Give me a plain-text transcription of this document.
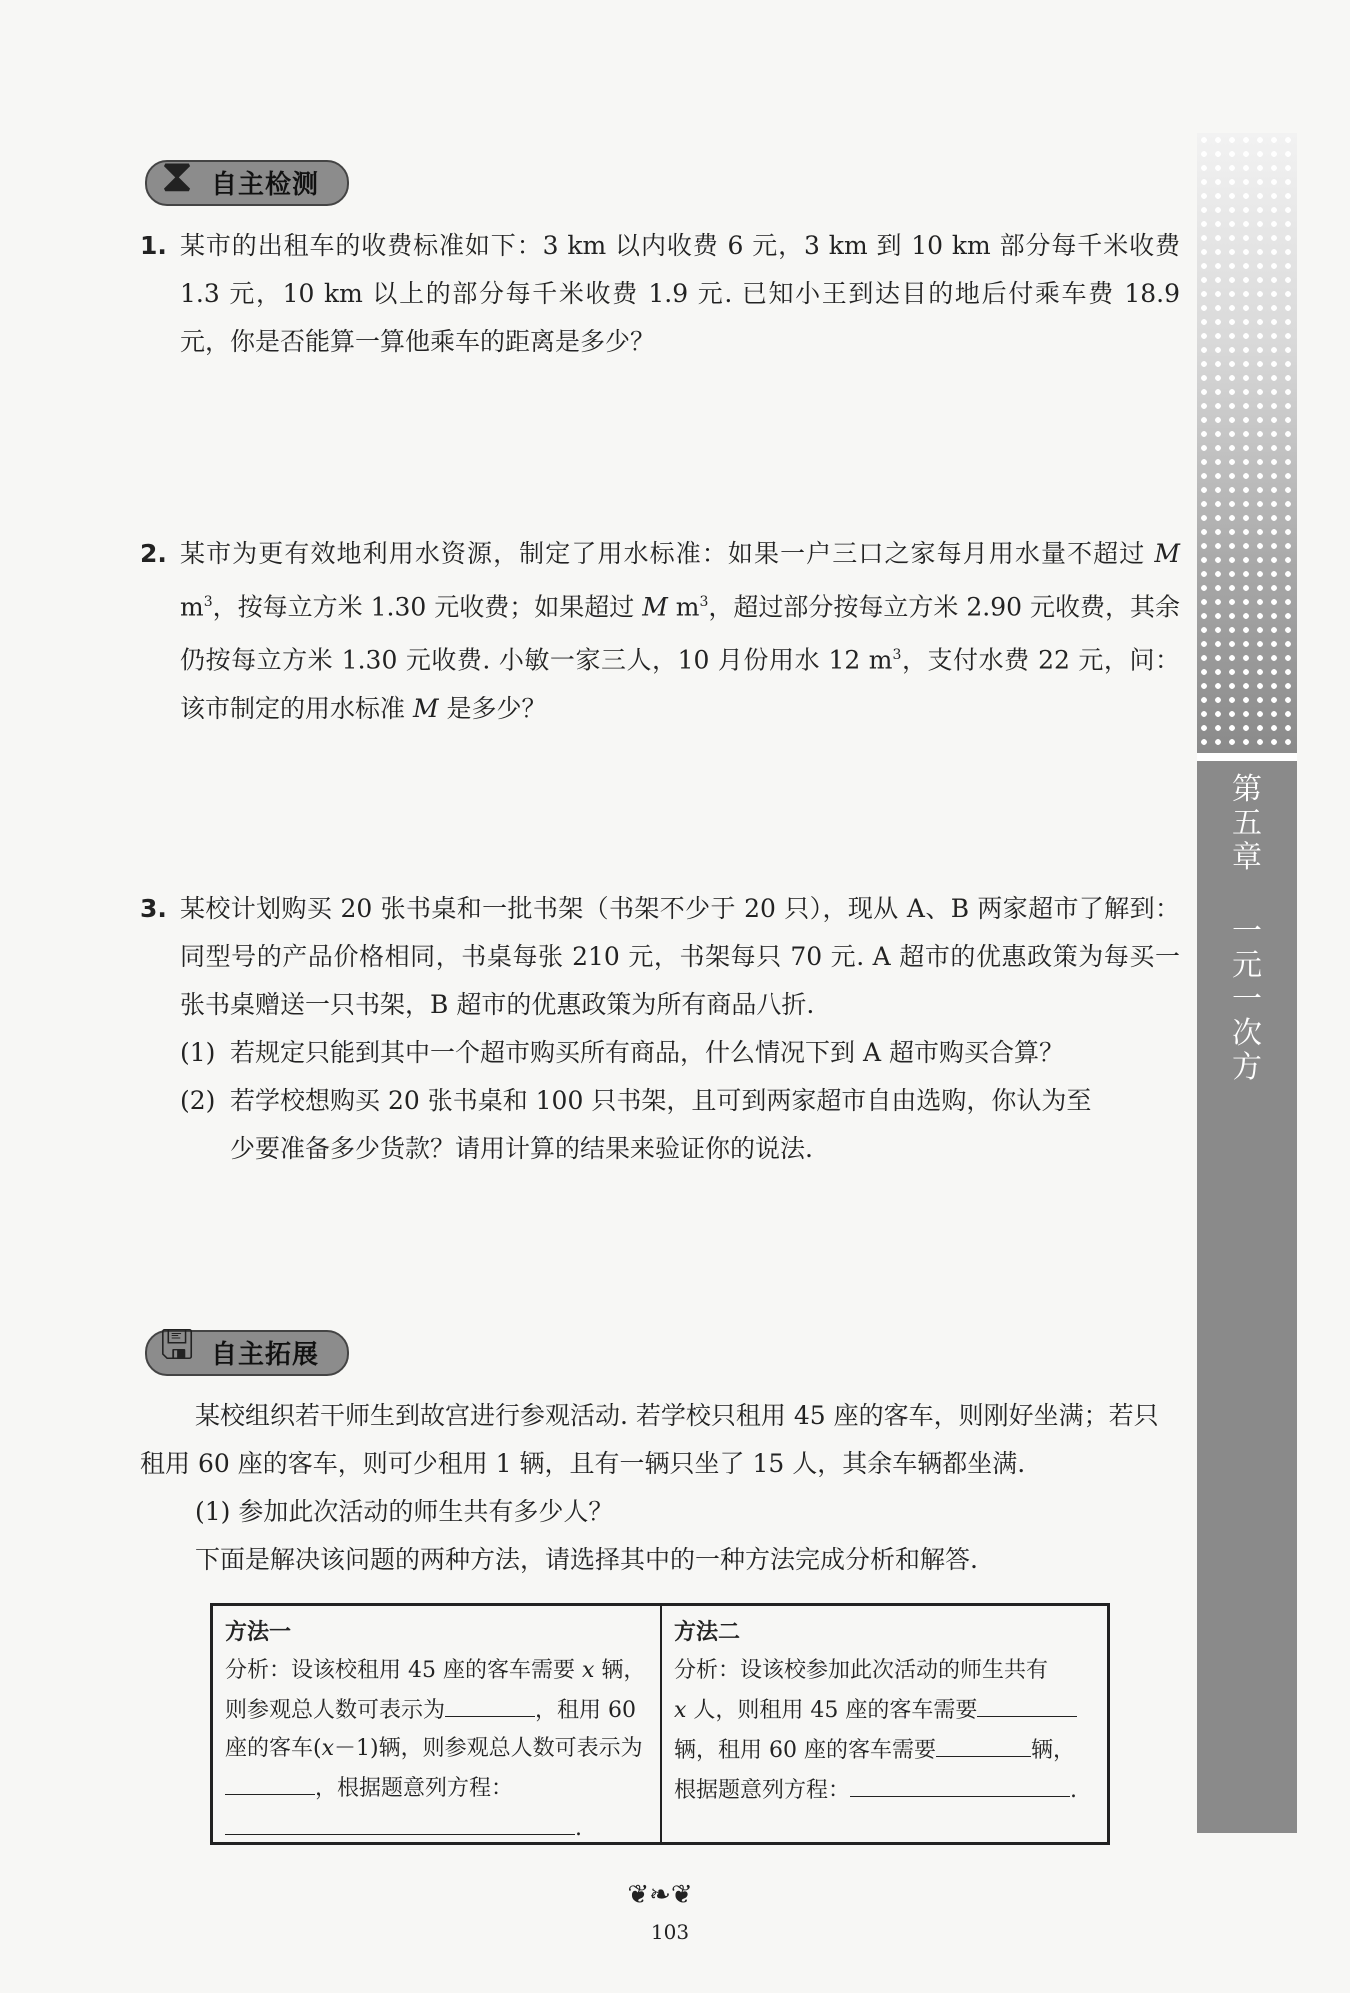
第
五
章
一
元
一
次
方
⧗ 自主检测
1. 某市的出租车的收费标准如下：3 km 以内收费 6 元，3 km 到 10 km 部分每千米收费 1.3 元，10 km 以上的部分每千米收费 1.9 元. 已知小王到达目的地后付乘车费 18.9 元，你是否能算一算他乘车的距离是多少？
2. 某市为更有效地利用水资源，制定了用水标准：如果一户三口之家每月用水量不超过 M $m^3$，按每立方米 1.30 元收费；如果超过 M $m^3$，超过部分按每立方米 2.90 元收费，其余仍按每立方米 1.30 元收费. 小敏一家三人，10 月份用水 12 $m^3$，支付水费 22 元，问：该市制定的用水标准 M 是多少？
3. 某校计划购买 20 张书桌和一批书架（书架不少于 20 只），现从 A、B 两家超市了解到：同型号的产品价格相同，书桌每张 210 元，书架每只 70 元. A 超市的优惠政策为每买一张书桌赠送一只书架，B 超市的优惠政策为所有商品八折.
(1) 若规定只能到其中一个超市购买所有商品，什么情况下到 A 超市购买合算？
(2) 若学校想购买 20 张书桌和 100 只书架，且可到两家超市自由选购，你认为至
少要准备多少货款？请用计算的结果来验证你的说法.
🖫 自主拓展
某校组织若干师生到故宫进行参观活动. 若学校只租用 45 座的客车，则刚好坐满；若只租用 60 座的客车，则可少租用 1 辆，且有一辆只坐了 15 人，其余车辆都坐满.
(1) 参加此次活动的师生共有多少人？
下面是解决该问题的两种方法，请选择其中的一种方法完成分析和解答.
方法一
分析：设该校租用 45 座的客车需要 x 辆，则参观总人数可表示为	，租用 60 座的客车(x－1)辆，则参观总人数可表示为，根据题意列方程：
.
方法二
分析：设该校参加此次活动的师生共有
x 人，则租用 45 座的客车需要
辆，租用 60 座的客车需要	辆，
根据题意列方程：	.
❦❧❦
103
